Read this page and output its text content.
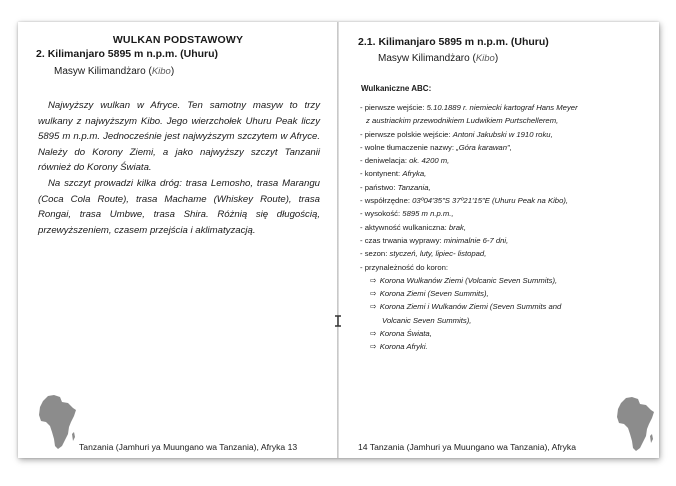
WULKAN PODSTAWOWY
2. Kilimanjaro 5895 m n.p.m. (Uhuru)
Masyw Kilimandżaro (Kibo)

Najwyższy wulkan w Afryce. Ten samotny masyw to trzy wulkany z najwyższym Kibo. Jego wierzchołek Uhuru Peak liczy 5895 m n.p.m. Jednocześnie jest najwyższym szczytem w Afryce. Należy do Korony Ziemi, a jako najwyższy szczyt Tanzanii również do Korony Świata.

Na szczyt prowadzi kilka dróg: trasa Lemosho, trasa Marangu (Coca Cola Route), trasa Machame (Whiskey Route), trasa Rongai, trasa Umbwe, trasa Shira. Różnią się długością, przewyższeniem, czasem przejścia i aklimatyzacją.

Tanzania (Jamhuri ya Muungano wa Tanzania), Afryka 13
2.1. Kilimanjaro 5895 m n.p.m. (Uhuru)
Masyw Kilimandżaro (Kibo)
Wulkaniczne ABC:
- pierwsze wejście: 5.10.1889 r. niemiecki kartograf Hans Meyer
z austriackim przewodnikiem Ludwikiem Purtschellerem,
- pierwsze polskie wejście: Antoni Jakubski w 1910 roku,
- wolne tłumaczenie nazwy: „Góra karawan",
- deniwelacja: ok. 4200 m,
- kontynent: Afryka,
- państwo: Tanzania,
- współrzędne: 03º04'35"S 37º21'15"E (Uhuru Peak na Kibo),
- wysokość: 5895 m n.p.m.,
- aktywność wulkaniczna: brak,
- czas trwania wyprawy: minimalnie 6-7 dni,
- sezon: styczeń, luty, lipiec- listopad,
- przynależność do koron:
⇨ Korona Wulkanów Ziemi (Volcanic Seven Summits),
⇨ Korona Ziemi (Seven Summits),
⇨ Korona Ziemi i Wulkanów Ziemi (Seven Summits and
Volcanic Seven Summits),
⇨ Korona Świata,
⇨ Korona Afryki.
14 Tanzania (Jamhuri ya Muungano wa Tanzania), Afryka
